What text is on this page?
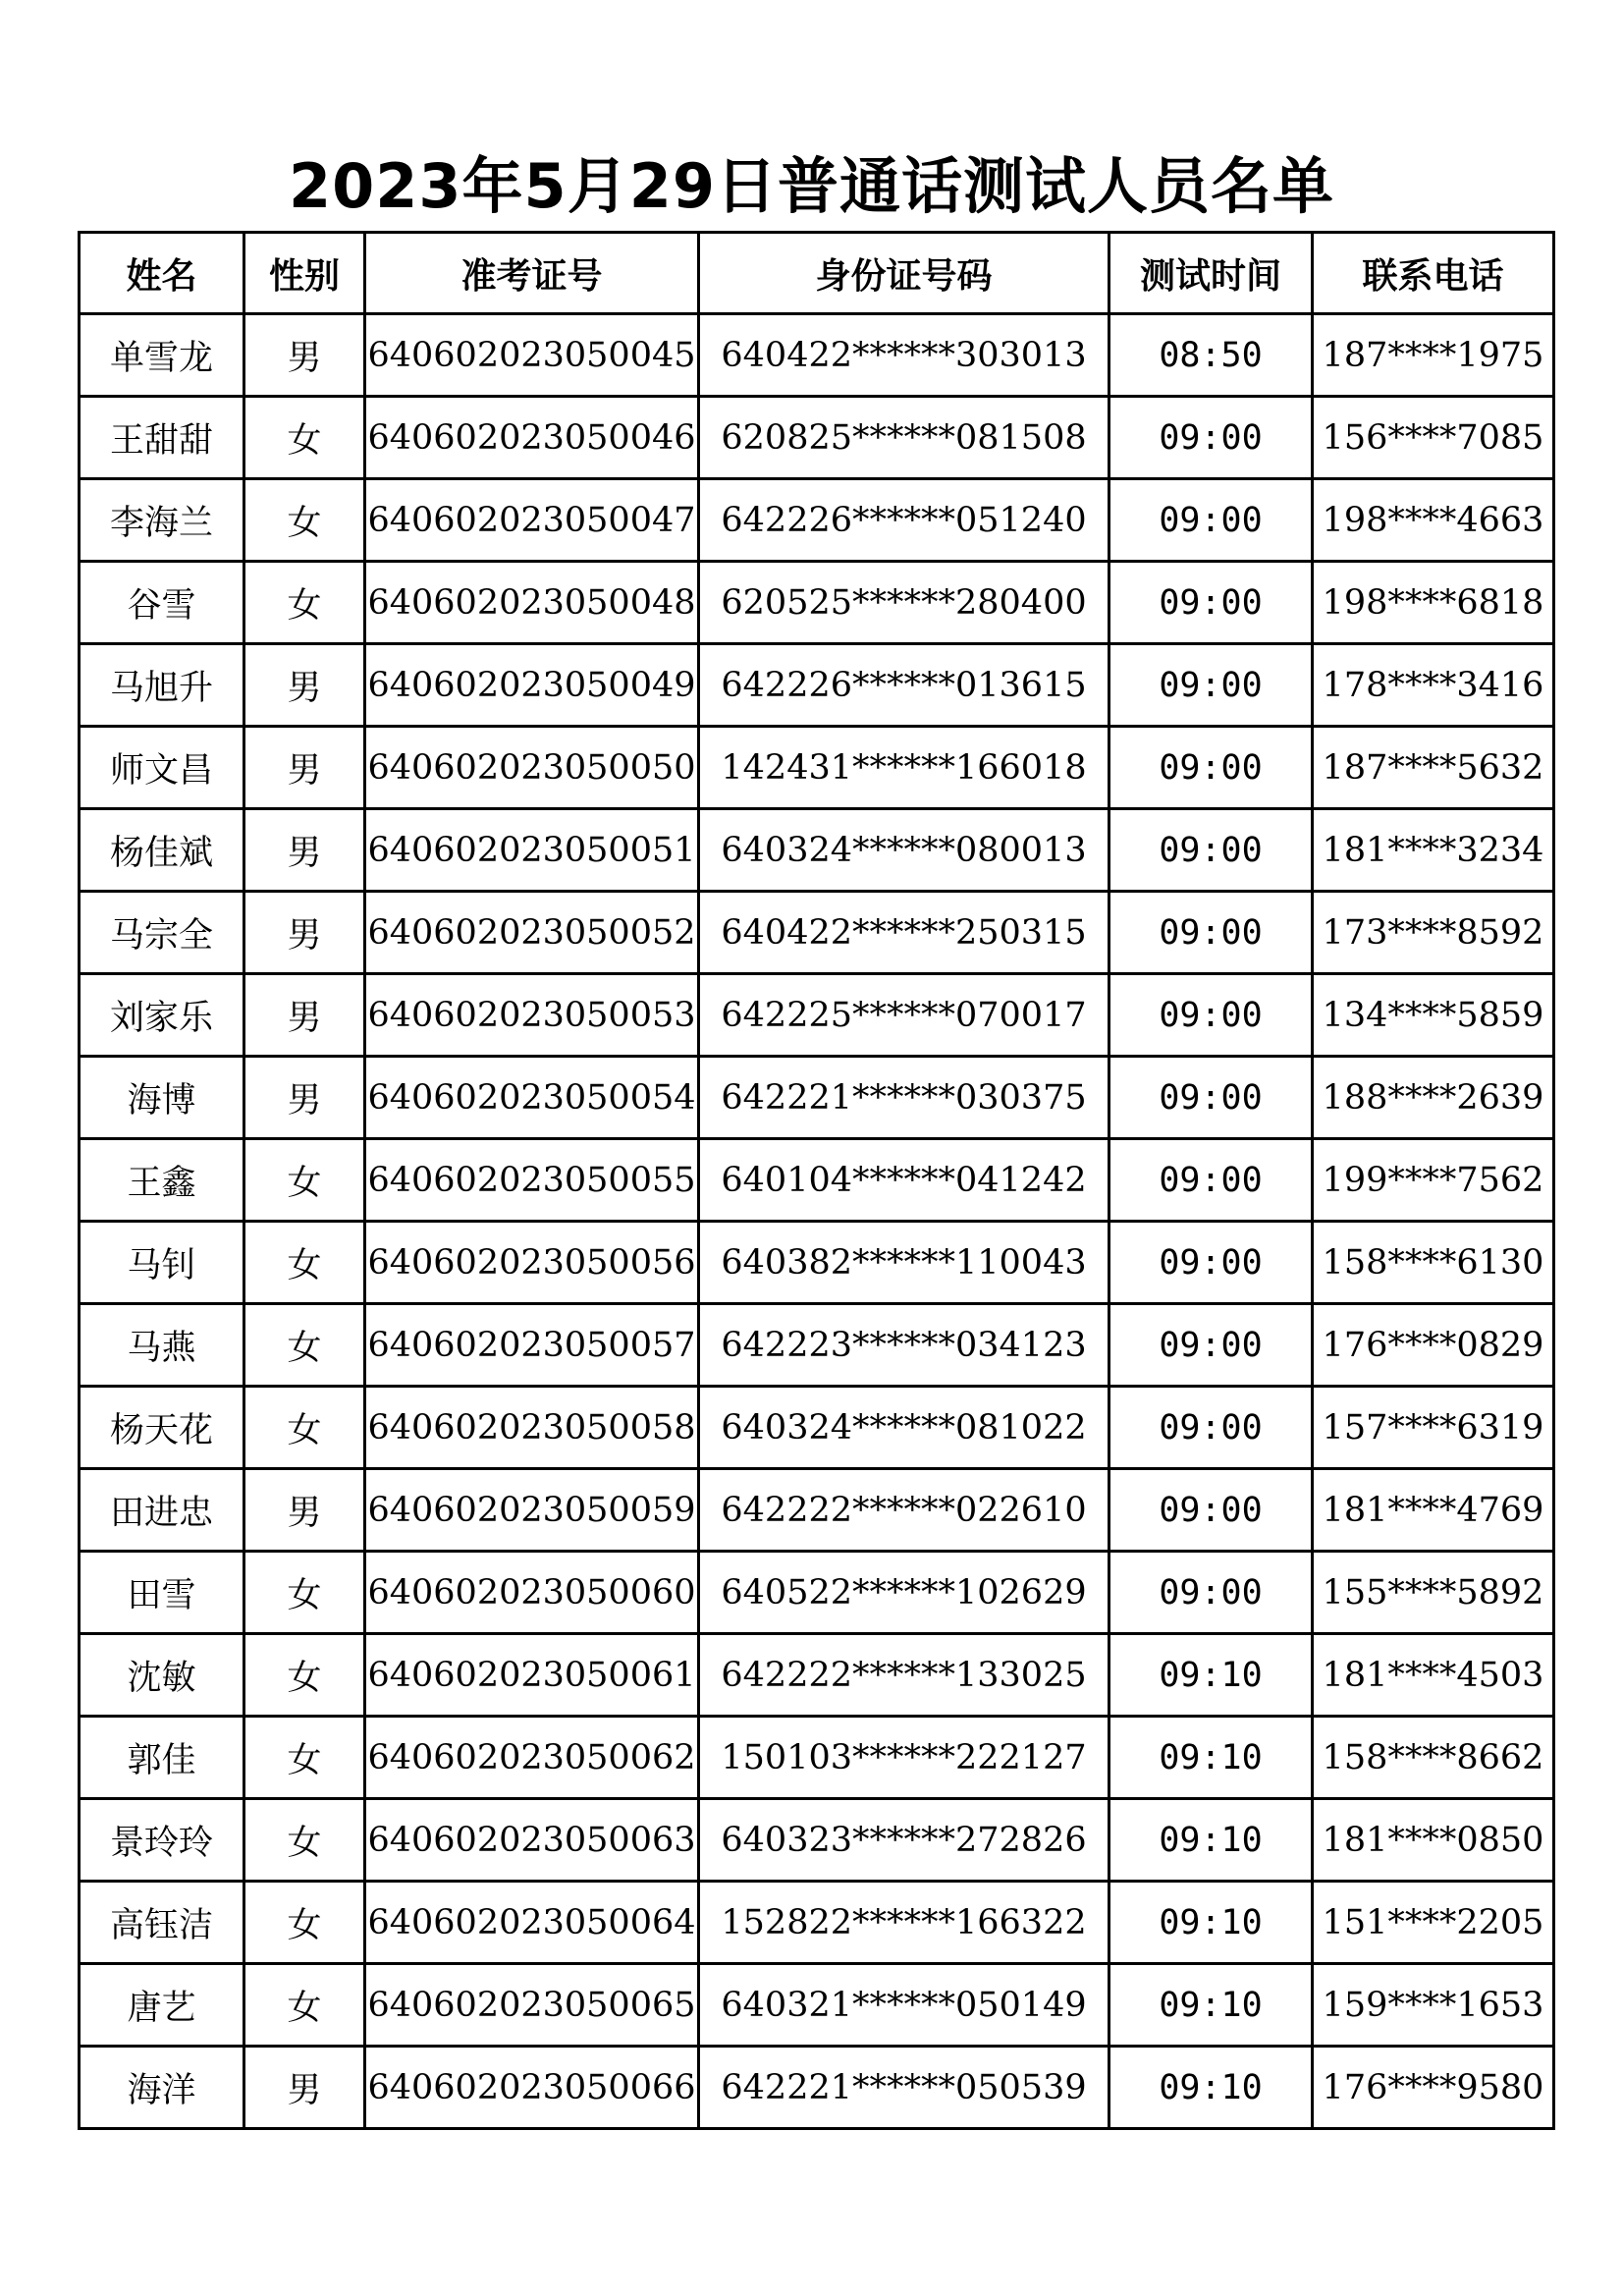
2023年5月29日普通话测试人员名单
姓名	性别	准考证号	身份证号码	测试时间	联系电话
单雪龙	男	640602023050045	640422******303013	08:50	187****1975
王甜甜	女	640602023050046	620825******081508	09:00	156****7085
李海兰	女	640602023050047	642226******051240	09:00	198****4663
谷雪	女	640602023050048	620525******280400	09:00	198****6818
马旭升	男	640602023050049	642226******013615	09:00	178****3416
师文昌	男	640602023050050	142431******166018	09:00	187****5632
杨佳斌	男	640602023050051	640324******080013	09:00	181****3234
马宗全	男	640602023050052	640422******250315	09:00	173****8592
刘家乐	男	640602023050053	642225******070017	09:00	134****5859
海博	男	640602023050054	642221******030375	09:00	188****2639
王鑫	女	640602023050055	640104******041242	09:00	199****7562
马钊	女	640602023050056	640382******110043	09:00	158****6130
马燕	女	640602023050057	642223******034123	09:00	176****0829
杨天花	女	640602023050058	640324******081022	09:00	157****6319
田进忠	男	640602023050059	642222******022610	09:00	181****4769
田雪	女	640602023050060	640522******102629	09:00	155****5892
沈敏	女	640602023050061	642222******133025	09:10	181****4503
郭佳	女	640602023050062	150103******222127	09:10	158****8662
景玲玲	女	640602023050063	640323******272826	09:10	181****0850
高钰洁	女	640602023050064	152822******166322	09:10	151****2205
唐艺	女	640602023050065	640321******050149	09:10	159****1653
海洋	男	640602023050066	642221******050539	09:10	176****9580
